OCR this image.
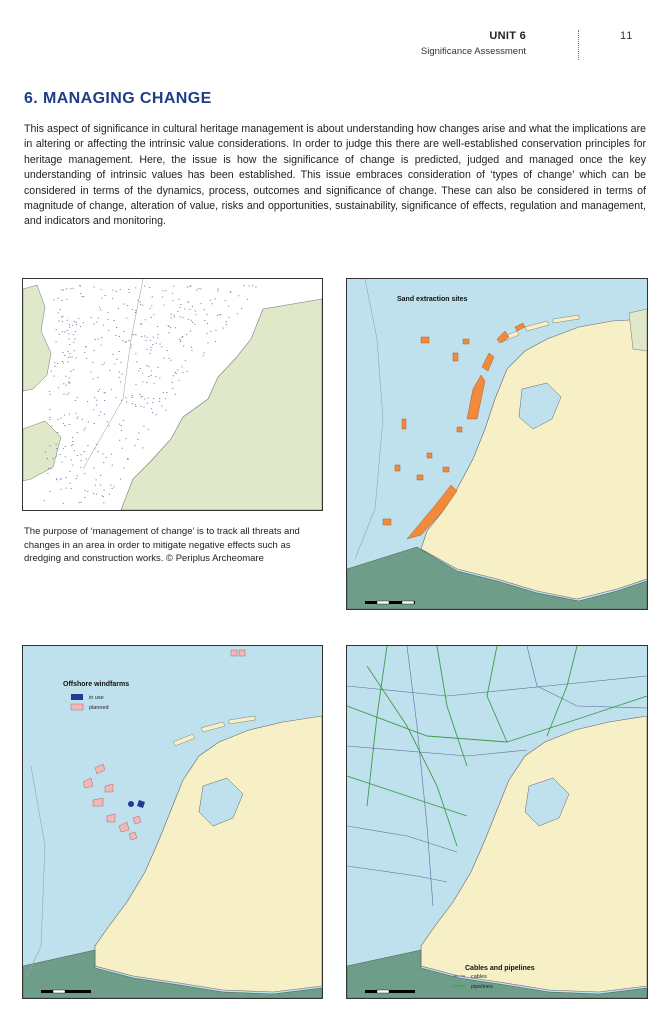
UNIT 6
Significance Assessment
11
6. MANAGING CHANGE

This aspect of significance in cultural heritage management is about understanding how changes arise and what the implications are in altering or affecting the intrinsic value considerations. In order to judge this there are well-established conservation principles for heritage management. Here, the issue is how the significance of change is predicted, judged and managed once the key understanding of intrinsic values has been established. This issue embraces consideration of ‘types of change’ which can be considered in terms of the dynamics, process, outcomes and significance of change. These can also be considered in terms of magnitude of change, alteration of value, risks and opportunities, sustainability, significance of effects, regulation and management, and indicators and monitoring.

The purpose of ‘management of change’ is to track all threats and changes in an area in order to mitigate negative effects such as dredging and construction works. © Periplus Archeomare

Sand extraction sites
Offshore windfarms
in use
planned
Cables and pipelines
cables
pipelines
